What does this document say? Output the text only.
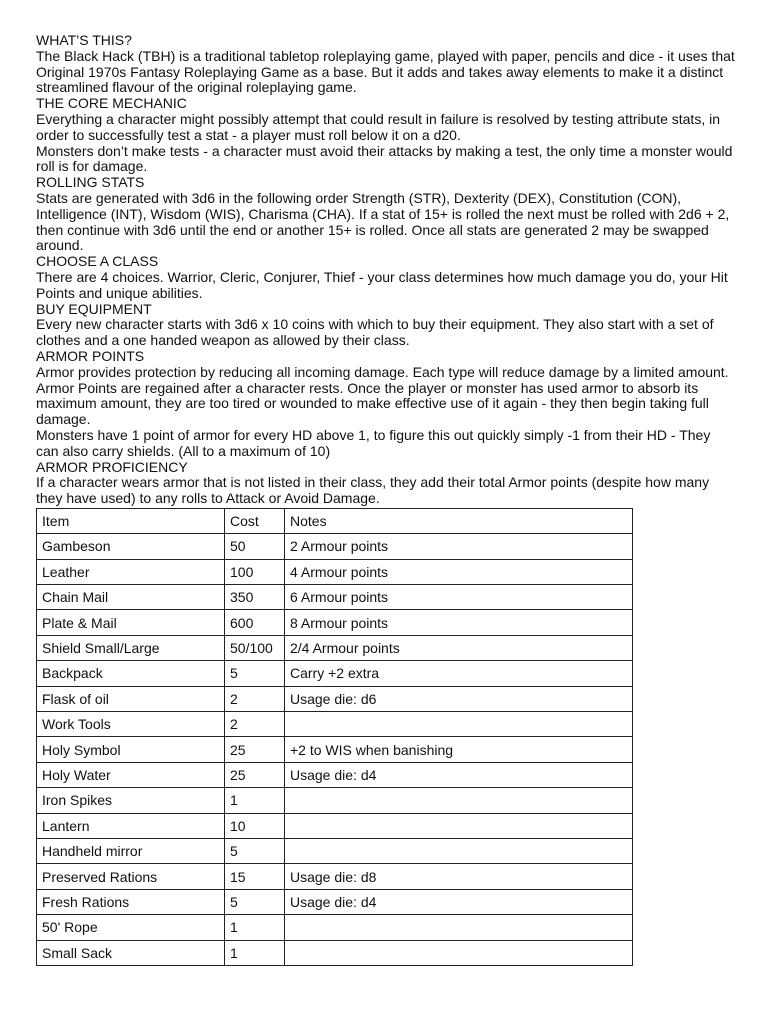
WHAT’S THIS?

The Black Hack (TBH) is a traditional tabletop roleplaying game, played with paper, pencils and dice - it uses that Original 1970s Fantasy Roleplaying Game as a base. But it adds and takes away elements to make it a distinct streamlined flavour of the original roleplaying game.

THE CORE MECHANIC

Everything a character might possibly attempt that could result in failure is resolved by testing attribute stats, in order to successfully test a stat - a player must roll below it on a d20.

Monsters don’t make tests - a character must avoid their attacks by making a test, the only time a monster would roll is for damage.

ROLLING STATS

Stats are generated with 3d6 in the following order Strength (STR), Dexterity (DEX), Constitution (CON), Intelligence (INT), Wisdom (WIS), Charisma (CHA). If a stat of 15+ is rolled the next must be rolled with 2d6 + 2, then continue with 3d6 until the end or another 15+ is rolled. Once all stats are generated 2 may be swapped around.

CHOOSE A CLASS

There are 4 choices. Warrior, Cleric, Conjurer, Thief - your class determines how much damage you do, your Hit Points and unique abilities.

BUY EQUIPMENT

Every new character starts with 3d6 x 10 coins with which to buy their equipment. They also start with a set of clothes and a one handed weapon as allowed by their class.

ARMOR POINTS

Armor provides protection by reducing all incoming damage. Each type will reduce damage by a limited amount. Armor Points are regained after a character rests. Once the player or monster has used armor to absorb its maximum amount, they are too tired or wounded to make effective use of it again - they then begin taking full damage.

Monsters have 1 point of armor for every HD above 1, to figure this out quickly simply -1 from their HD - They can also carry shields. (All to a maximum of 10)

ARMOR PROFICIENCY

If a character wears armor that is not listed in their class, they add their total Armor points (despite how many they have used) to any rolls to Attack or Avoid Damage.

Item	Cost	Notes
Gambeson	50	2 Armour points
Leather	100	4 Armour points
Chain Mail	350	6 Armour points
Plate & Mail	600	8 Armour points
Shield Small/Large	50/100	2/4 Armour points
Backpack	5	Carry +2 extra
Flask of oil	2	Usage die: d6
Work Tools	2	
Holy Symbol	25	+2 to WIS when banishing
Holy Water	25	Usage die: d4
Iron Spikes	1	
Lantern	10	
Handheld mirror	5	
Preserved Rations	15	Usage die: d8
Fresh Rations	5	Usage die: d4
50' Rope	1	
Small Sack	1	
